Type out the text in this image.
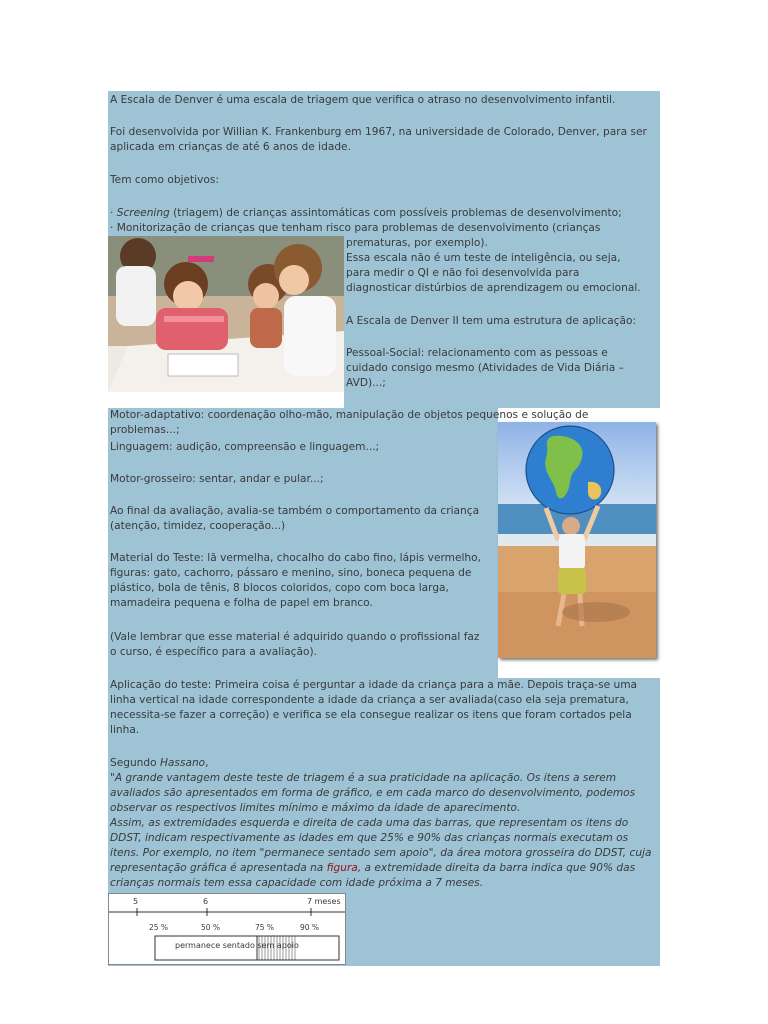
A Escala de Denver é uma escala de triagem que verifica o atraso no desenvolvimento infantil.
Foi desenvolvida por Willian K. Frankenburg em 1967, na universidade de Colorado, Denver, para ser aplicada em crianças de até 6 anos de idade.
Tem como objetivos:
· Screening (triagem) de crianças assintomáticas com possíveis problemas de desenvolvimento;
· Monitorização de crianças que tenham risco para problemas de desenvolvimento (crianças
prematuras, por exemplo).
Essa escala não é um teste de inteligência, ou seja,
para medir o QI e não foi desenvolvida para
diagnosticar distúrbios de aprendizagem ou emocional.
A Escala de Denver II tem uma estrutura de aplicação:
Pessoal-Social: relacionamento com as pessoas e
cuidado consigo mesmo (Atividades de Vida Diária –
AVD)...;
Motor-adaptativo: coordenação olho-mão, manipulação de objetos pequenos e solução de
problemas...;
Linguagem: audição, compreensão e linguagem...;
Motor-grosseiro: sentar, andar e pular...;
Ao final da avaliação, avalia-se também o comportamento da criança
(atenção, timidez, cooperação...)
Material do Teste: lã vermelha, chocalho do cabo fino, lápis vermelho,
figuras: gato, cachorro, pássaro e menino, sino, boneca pequena de
plástico, bola de tênis, 8 blocos coloridos, copo com boca larga,
mamadeira pequena e folha de papel em branco.
(Vale lembrar que esse material é adquirido quando o profissional faz
o curso, é específico para a avaliação).
Aplicação do teste: Primeira coisa é perguntar a idade da criança para a mãe. Depois traça-se uma linha vertical na idade correspondente a idade da criança a ser avaliada(caso ela seja prematura, necessita-se fazer a correção) e verifica se ela consegue realizar os itens que foram cortados pela linha.
Segundo Hassano,
"A grande vantagem deste teste de triagem é a sua praticidade na aplicação. Os itens a serem avaliados são apresentados em forma de gráfico, e em cada marco do desenvolvimento, podemos observar os respectivos limites mínimo e máximo da idade de aparecimento.
Assim, as extremidades esquerda e direita de cada uma das barras, que representam os itens do DDST, indicam respectivamente as idades em que 25% e 90% das crianças normais executam os itens. Por exemplo, no item "permanece sentado sem apoio", da área motora grosseira do DDST, cuja representação gráfica é apresentada na figura, a extremidade direita da barra indica que 90% das crianças normais tem essa capacidade com idade próxima a 7 meses.
5	6	7 meses
25 %	50 %	75 %	90 %
permanece sentado sem apoio
